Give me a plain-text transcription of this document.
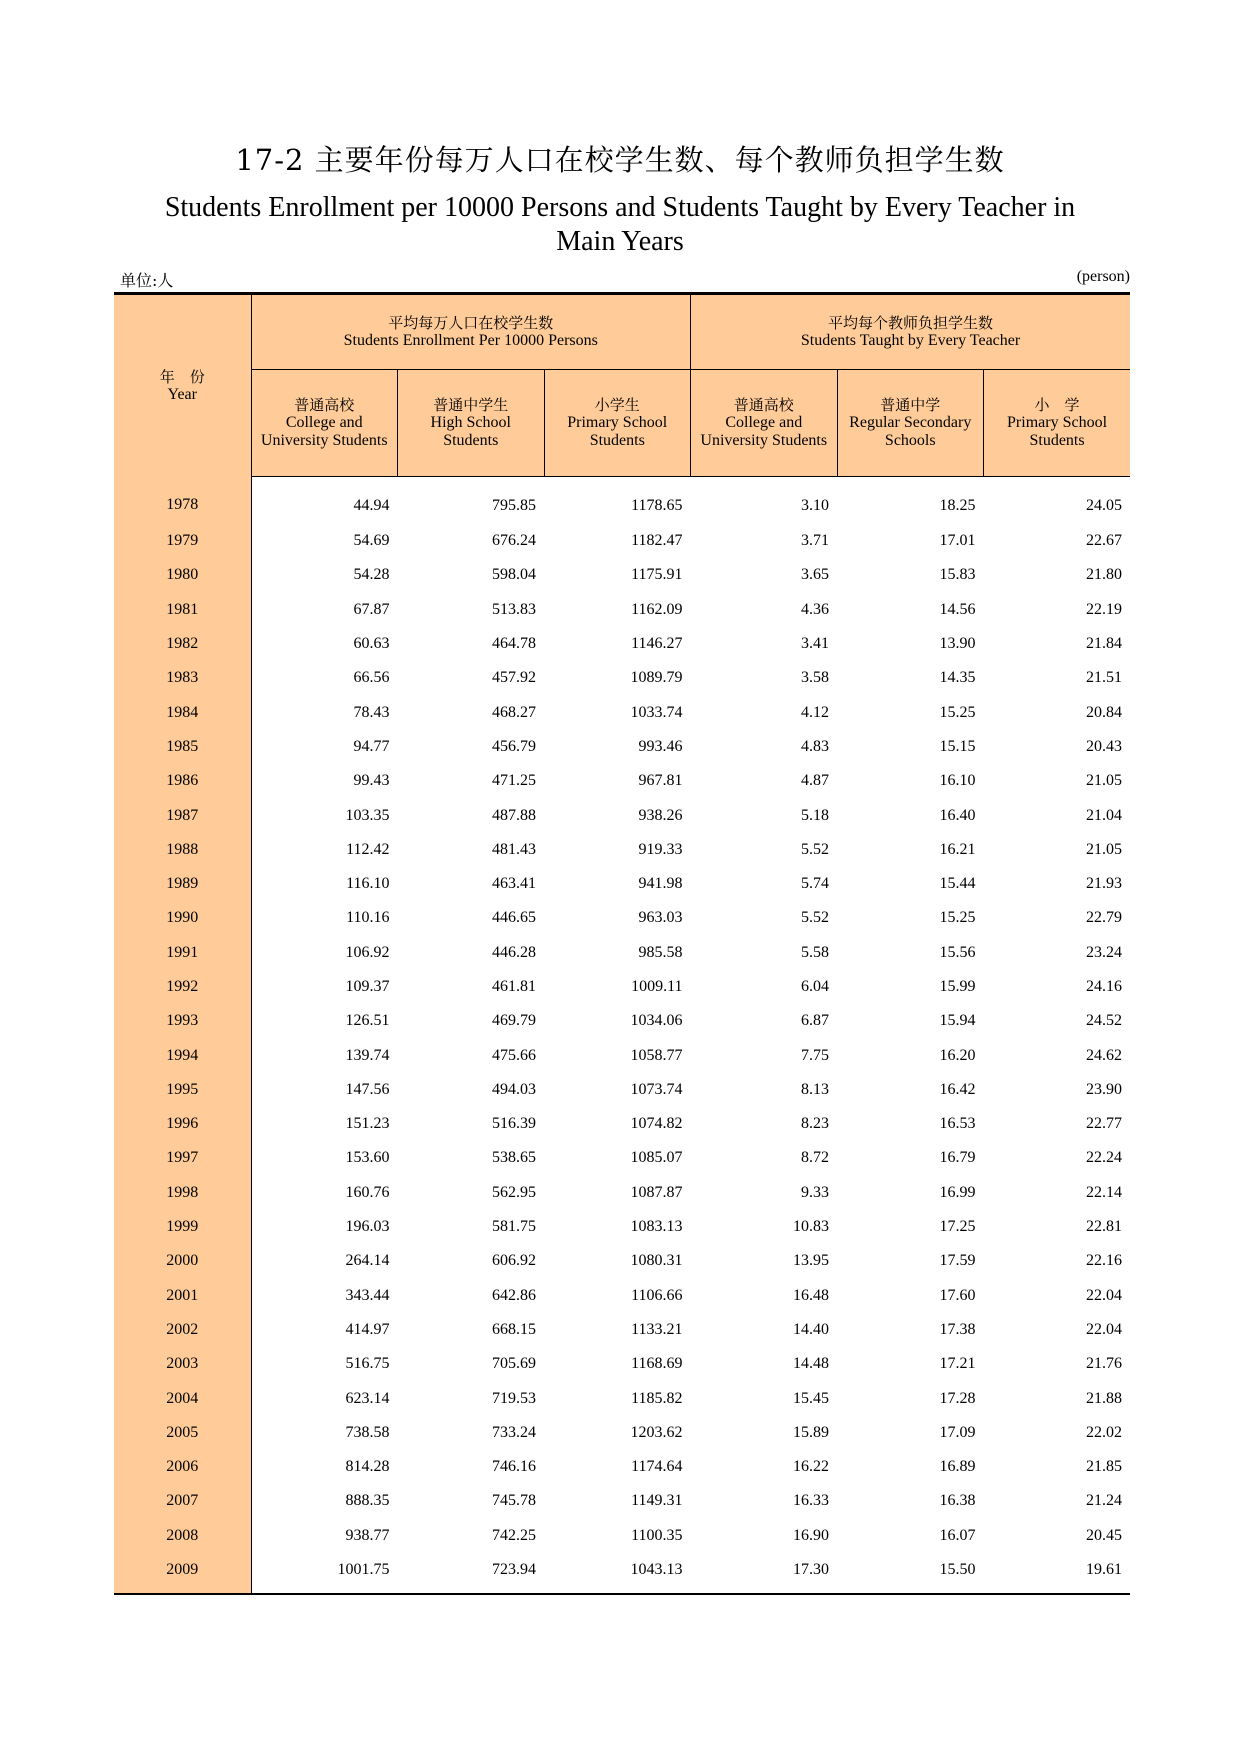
17-2 主要年份每万人口在校学生数、每个教师负担学生数
Students Enrollment per 10000 Persons and Students Taught by Every Teacher in Main Years
单位:人	(person)
年　份
Year	平均每万人口在校学生数
Students Enrollment Per 10000 Persons			平均每个教师负担学生数
Students Taught by Every Teacher		

	普通高校
College and
University Students	普通中学生
High School
Students	小学生
Primary School
Students	普通高校
College and
University Students	普通中学
Regular Secondary
Schools	小　学
Primary School
Students

1978	44.94	795.85	1178.65	3.10	18.25	24.05
1979	54.69	676.24	1182.47	3.71	17.01	22.67
1980	54.28	598.04	1175.91	3.65	15.83	21.80
1981	67.87	513.83	1162.09	4.36	14.56	22.19
1982	60.63	464.78	1146.27	3.41	13.90	21.84
1983	66.56	457.92	1089.79	3.58	14.35	21.51
1984	78.43	468.27	1033.74	4.12	15.25	20.84
1985	94.77	456.79	993.46	4.83	15.15	20.43
1986	99.43	471.25	967.81	4.87	16.10	21.05
1987	103.35	487.88	938.26	5.18	16.40	21.04
1988	112.42	481.43	919.33	5.52	16.21	21.05
1989	116.10	463.41	941.98	5.74	15.44	21.93
1990	110.16	446.65	963.03	5.52	15.25	22.79
1991	106.92	446.28	985.58	5.58	15.56	23.24
1992	109.37	461.81	1009.11	6.04	15.99	24.16
1993	126.51	469.79	1034.06	6.87	15.94	24.52
1994	139.74	475.66	1058.77	7.75	16.20	24.62
1995	147.56	494.03	1073.74	8.13	16.42	23.90
1996	151.23	516.39	1074.82	8.23	16.53	22.77
1997	153.60	538.65	1085.07	8.72	16.79	22.24
1998	160.76	562.95	1087.87	9.33	16.99	22.14
1999	196.03	581.75	1083.13	10.83	17.25	22.81
2000	264.14	606.92	1080.31	13.95	17.59	22.16
2001	343.44	642.86	1106.66	16.48	17.60	22.04
2002	414.97	668.15	1133.21	14.40	17.38	22.04
2003	516.75	705.69	1168.69	14.48	17.21	21.76
2004	623.14	719.53	1185.82	15.45	17.28	21.88
2005	738.58	733.24	1203.62	15.89	17.09	22.02
2006	814.28	746.16	1174.64	16.22	16.89	21.85
2007	888.35	745.78	1149.31	16.33	16.38	21.24
2008	938.77	742.25	1100.35	16.90	16.07	20.45
2009	1001.75	723.94	1043.13	17.30	15.50	19.61
